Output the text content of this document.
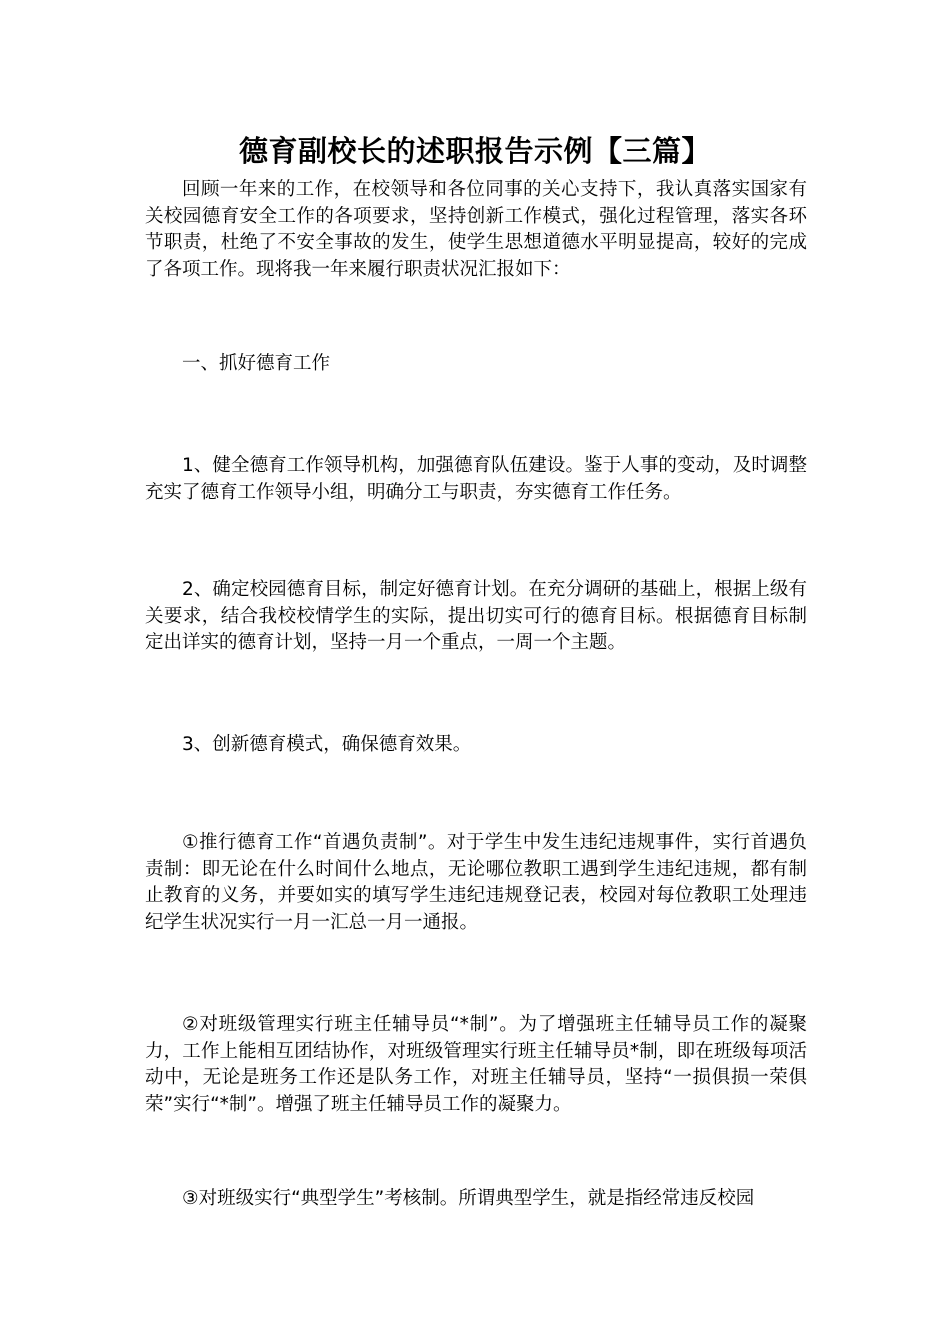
德育副校长的述职报告示例【三篇】

回顾一年来的工作，在校领导和各位同事的关心支持下，我认真落实国家有关校园德育安全工作的各项要求，坚持创新工作模式，强化过程管理，落实各环节职责，杜绝了不安全事故的发生，使学生思想道德水平明显提高，较好的完成了各项工作。现将我一年来履行职责状况汇报如下：

一、抓好德育工作

1、健全德育工作领导机构，加强德育队伍建设。鉴于人事的变动，及时调整充实了德育工作领导小组，明确分工与职责，夯实德育工作任务。

2、确定校园德育目标，制定好德育计划。在充分调研的基础上，根据上级有关要求，结合我校校情学生的实际，提出切实可行的德育目标。根据德育目标制定出详实的德育计划，坚持一月一个重点，一周一个主题。

3、创新德育模式，确保德育效果。

①推行德育工作“首遇负责制”。对于学生中发生违纪违规事件，实行首遇负责制：即无论在什么时间什么地点，无论哪位教职工遇到学生违纪违规，都有制止教育的义务，并要如实的填写学生违纪违规登记表，校园对每位教职工处理违纪学生状况实行一月一汇总一月一通报。

②对班级管理实行班主任辅导员“*制”。为了增强班主任辅导员工作的凝聚力，工作上能相互团结协作，对班级管理实行班主任辅导员*制，即在班级每项活动中，无论是班务工作还是队务工作，对班主任辅导员，坚持“一损俱损一荣俱荣”实行“*制”。增强了班主任辅导员工作的凝聚力。

③对班级实行“典型学生”考核制。所谓典型学生，就是指经常违反校园
